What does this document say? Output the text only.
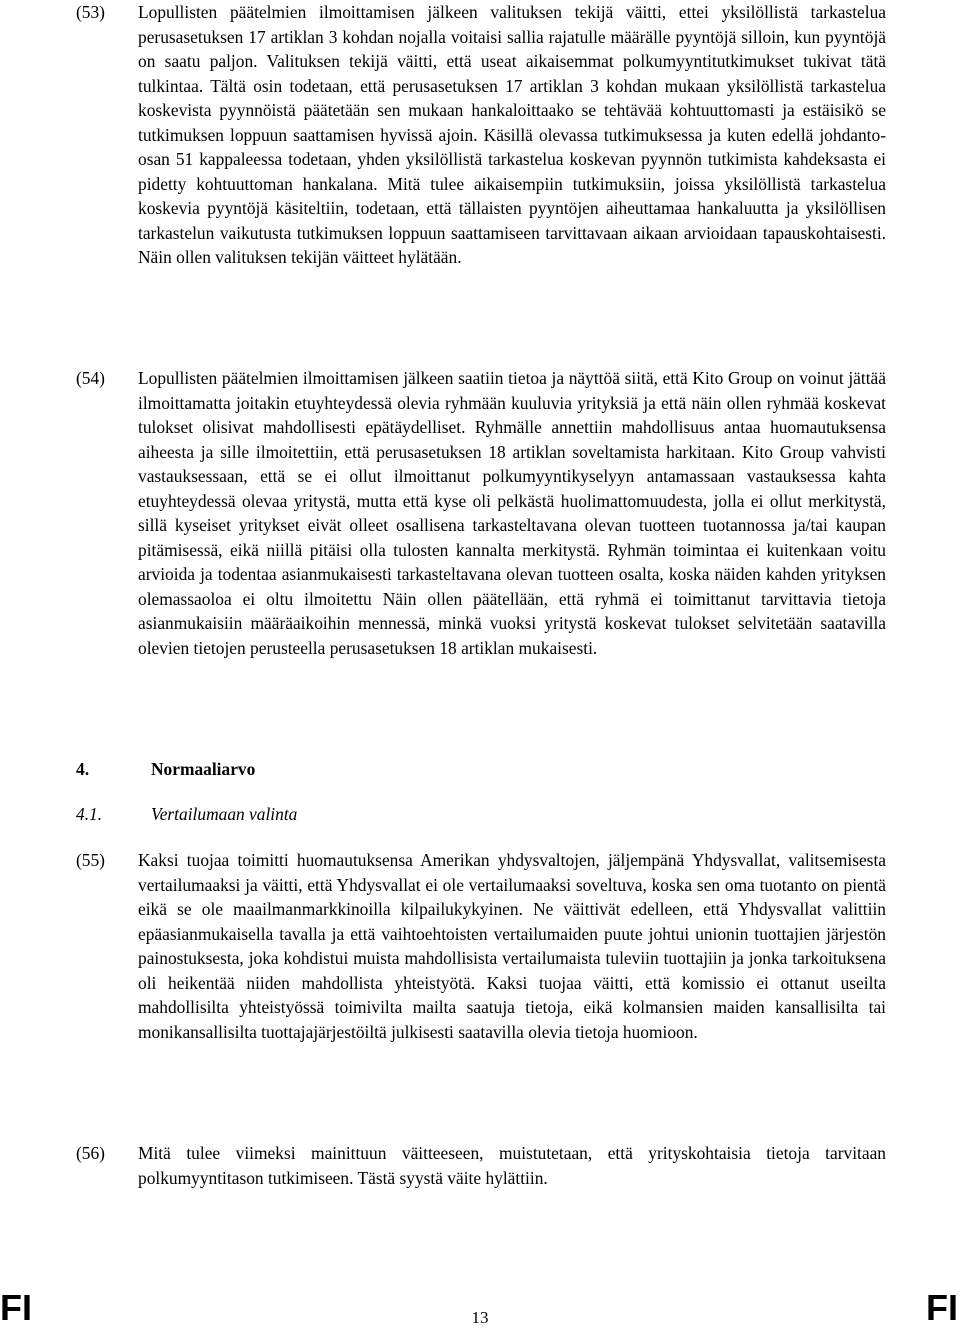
(53) Lopullisten päätelmien ilmoittamisen jälkeen valituksen tekijä väitti, ettei yksilöllistä tarkastelua perusasetuksen 17 artiklan 3 kohdan nojalla voitaisi sallia rajatulle määrälle pyyntöjä silloin, kun pyyntöjä on saatu paljon. Valituksen tekijä väitti, että useat aikaisemmat polkumyyntitutkimukset tukivat tätä tulkintaa. Tältä osin todetaan, että perusasetuksen 17 artiklan 3 kohdan mukaan yksilöllistä tarkastelua koskevista pyynnöistä päätetään sen mukaan hankaloittaako se tehtävää kohtuuttomasti ja estäisikö se tutkimuksen loppuun saattamisen hyvissä ajoin. Käsillä olevassa tutkimuksessa ja kuten edellä johdanto-osan 51 kappaleessa todetaan, yhden yksilöllistä tarkastelua koskevan pyynnön tutkimista kahdeksasta ei pidetty kohtuuttoman hankalana. Mitä tulee aikaisempiin tutkimuksiin, joissa yksilöllistä tarkastelua koskevia pyyntöjä käsiteltiin, todetaan, että tällaisten pyyntöjen aiheuttamaa hankaluutta ja yksilöllisen tarkastelun vaikutusta tutkimuksen loppuun saattamiseen tarvittavaan aikaan arvioidaan tapauskohtaisesti. Näin ollen valituksen tekijän väitteet hylätään.
(54) Lopullisten päätelmien ilmoittamisen jälkeen saatiin tietoa ja näyttöä siitä, että Kito Group on voinut jättää ilmoittamatta joitakin etuyhteydessä olevia ryhmään kuuluvia yrityksiä ja että näin ollen ryhmää koskevat tulokset olisivat mahdollisesti epätäydelliset. Ryhmälle annettiin mahdollisuus antaa huomautuksensa aiheesta ja sille ilmoitettiin, että perusasetuksen 18 artiklan soveltamista harkitaan. Kito Group vahvisti vastauksessaan, että se ei ollut ilmoittanut polkumyyntikyselyyn antamassaan vastauksessa kahta etuyhteydessä olevaa yritystä, mutta että kyse oli pelkästä huolimattomuudesta, jolla ei ollut merkitystä, sillä kyseiset yritykset eivät olleet osallisena tarkasteltavana olevan tuotteen tuotannossa ja/tai kaupan pitämisessä, eikä niillä pitäisi olla tulosten kannalta merkitystä. Ryhmän toimintaa ei kuitenkaan voitu arvioida ja todentaa asianmukaisesti tarkasteltavana olevan tuotteen osalta, koska näiden kahden yrityksen olemassaoloa ei oltu ilmoitettu Näin ollen päätellään, että ryhmä ei toimittanut tarvittavia tietoja asianmukaisiin määräaikoihin mennessä, minkä vuoksi yritystä koskevat tulokset selvitetään saatavilla olevien tietojen perusteella perusasetuksen 18 artiklan mukaisesti.
4.	Normaaliarvo
4.1.	Vertailumaan valinta
(55) Kaksi tuojaa toimitti huomautuksensa Amerikan yhdysvaltojen, jäljempänä Yhdysvallat, valitsemisesta vertailumaaksi ja väitti, että Yhdysvallat ei ole vertailumaaksi soveltuva, koska sen oma tuotanto on pientä eikä se ole maailmanmarkkinoilla kilpailukykyinen. Ne väittivät edelleen, että Yhdysvallat valittiin epäasianmukaisella tavalla ja että vaihtoehtoisten vertailumaiden puute johtui unionin tuottajien järjestön painostuksesta, joka kohdistui muista mahdollisista vertailumaista tuleviin tuottajiin ja jonka tarkoituksena oli heikentää niiden mahdollista yhteistyötä. Kaksi tuojaa väitti, että komissio ei ottanut useilta mahdollisilta yhteistyössä toimivilta mailta saatuja tietoja, eikä kolmansien maiden kansallisilta tai monikansallisilta tuottajajärjestöiltä julkisesti saatavilla olevia tietoja huomioon.
(56) Mitä tulee viimeksi mainittuun väitteeseen, muistutetaan, että yrityskohtaisia tietoja tarvitaan polkumyyntitason tutkimiseen. Tästä syystä väite hylättiin.
FI	13	FI
